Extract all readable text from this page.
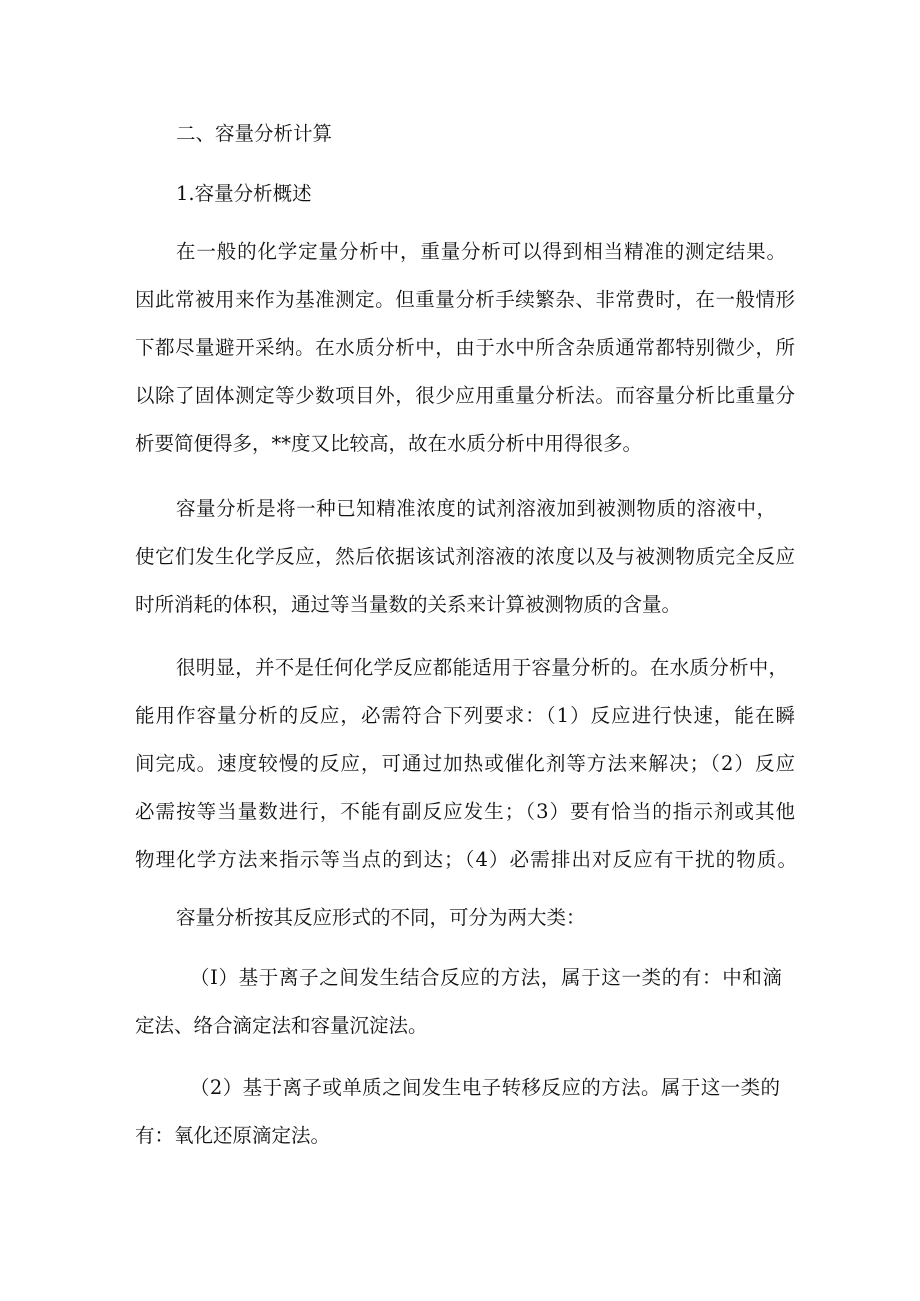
二、容量分析计算
1.容量分析概述
在一般的化学定量分析中，重量分析可以得到相当精准的测定结果。
因此常被用来作为基准测定。但重量分析手续繁杂、非常费时，在一般情形
下都尽量避开采纳。在水质分析中，由于水中所含杂质通常都特别微少，所
以除了固体测定等少数项目外，很少应用重量分析法。而容量分析比重量分
析要简便得多，**度又比较高，故在水质分析中用得很多。
容量分析是将一种已知精准浓度的试剂溶液加到被测物质的溶液中，
使它们发生化学反应，然后依据该试剂溶液的浓度以及与被测物质完全反应
时所消耗的体积，通过等当量数的关系来计算被测物质的含量。
很明显，并不是任何化学反应都能适用于容量分析的。在水质分析中，
能用作容量分析的反应，必需符合下列要求：（1）反应进行快速，能在瞬
间完成。速度较慢的反应，可通过加热或催化剂等方法来解决；（2）反应
必需按等当量数进行，不能有副反应发生；（3）要有恰当的指示剂或其他
物理化学方法来指示等当点的到达；（4）必需排出对反应有干扰的物质。
容量分析按其反应形式的不同，可分为两大类：
（I）基于离子之间发生结合反应的方法，属于这一类的有：中和滴
定法、络合滴定法和容量沉淀法。
（2）基于离子或单质之间发生电子转移反应的方法。属于这一类的
有：氧化还原滴定法。
